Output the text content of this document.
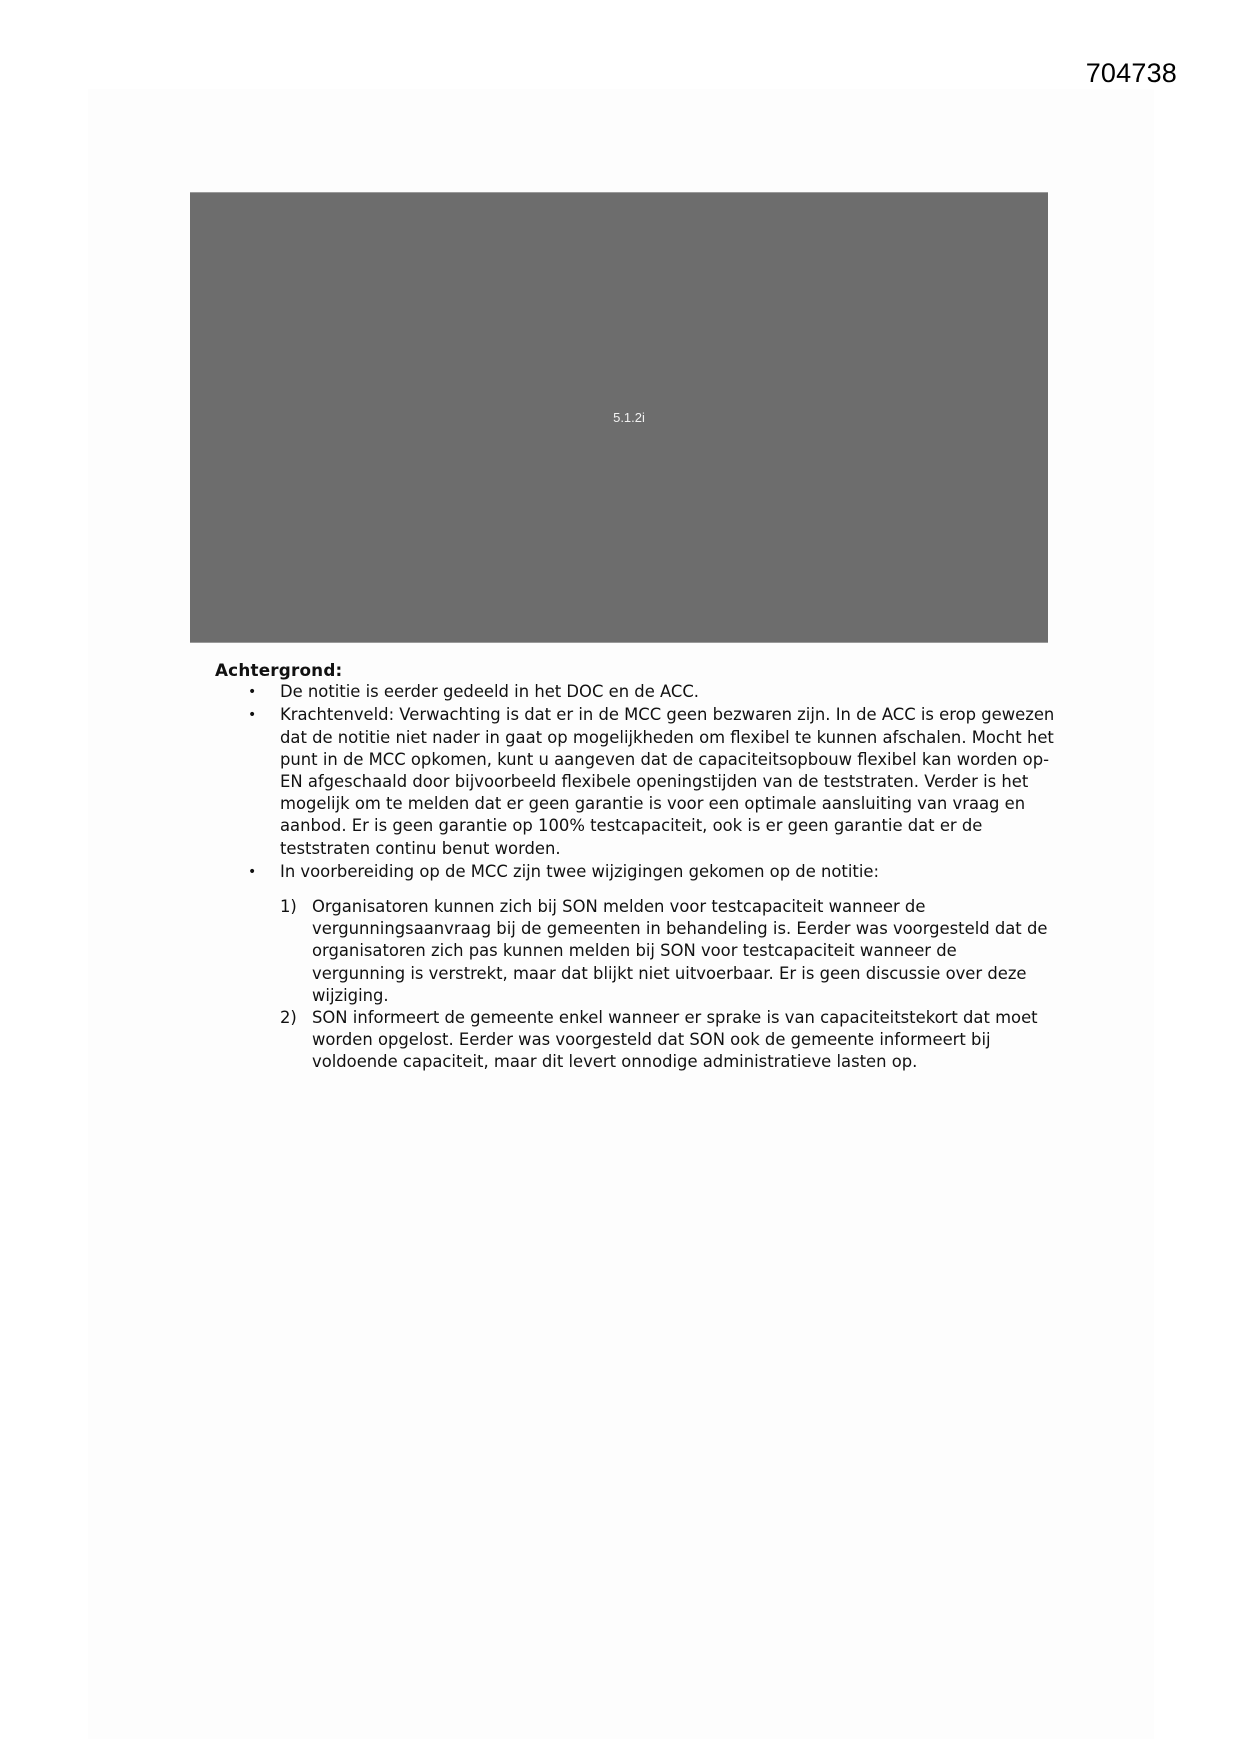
704738
5.1.2i

Achtergrond:

• De notitie is eerder gedeeld in het DOC en de ACC.
• Krachtenveld: Verwachting is dat er in de MCC geen bezwaren zijn. In de ACC is erop gewezen dat de notitie niet nader in gaat op mogelijkheden om flexibel te kunnen afschalen. Mocht het punt in de MCC opkomen, kunt u aangeven dat de capaciteitsopbouw flexibel kan worden op- EN afgeschaald door bijvoorbeeld flexibele openingstijden van de teststraten. Verder is het mogelijk om te melden dat er geen garantie is voor een optimale aansluiting van vraag en aanbod. Er is geen garantie op 100% testcapaciteit, ook is er geen garantie dat er de teststraten continu benut worden.
• In voorbereiding op de MCC zijn twee wijzigingen gekomen op de notitie:
1) Organisatoren kunnen zich bij SON melden voor testcapaciteit wanneer de vergunningsaanvraag bij de gemeenten in behandeling is. Eerder was voorgesteld dat de organisatoren zich pas kunnen melden bij SON voor testcapaciteit wanneer de vergunning is verstrekt, maar dat blijkt niet uitvoerbaar. Er is geen discussie over deze wijziging.
2) SON informeert de gemeente enkel wanneer er sprake is van capaciteitstekort dat moet worden opgelost. Eerder was voorgesteld dat SON ook de gemeente informeert bij voldoende capaciteit, maar dit levert onnodige administratieve lasten op.
